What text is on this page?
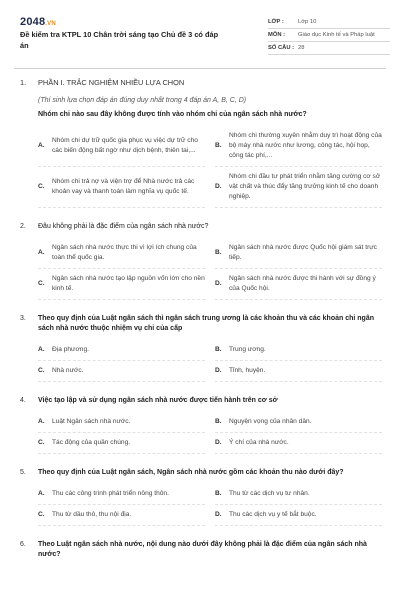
2048.VN
Đề kiểm tra KTPL 10 Chân trời sáng tạo Chủ đề 3 có đáp án
LỚP :	Lớp 10
MÔN :	Giáo dục Kinh tế và Pháp luật
SỐ CÂU : 28
1.	PHẦN I. TRẮC NGHIỆM NHIỀU LỰA CHỌN
(Thí sinh lựa chọn đáp án đúng duy nhất trong 4 đáp án A, B, C, D)
Nhóm chi nào sau đây không được tính vào nhóm chi của ngân sách nhà nước?
A.
Nhóm chi dự trữ quốc gia phục vụ việc dự trữ cho các biến động bất ngờ như dịch bệnh, thiên tai,...
B.
Nhóm chi thường xuyên nhằm duy trì hoạt động của bộ máy nhà nước như lương, công tác, hội họp, công tác phí,...
C.
Nhóm chi trả nợ và viện trợ để Nhà nước trả các khoản vay và thanh toán làm nghĩa vụ quốc tế.
D.
Nhóm chi đầu tư phát triển nhằm tăng cường cơ sở vật chất và thúc đẩy tăng trưởng kinh tế cho doanh nghiệp.
2.	Đâu không phải là đặc điểm của ngân sách nhà nước?
A.
Ngân sách nhà nước thực thi vì lợi ích chung của toàn thể quốc gia.
B.
Ngân sách nhà nước được Quốc hội giám sát trực tiếp.
C.
Ngân sách nhà nước tạo lập nguồn vốn lớn cho nền kinh tế.
D.
Ngân sách nhà nước được thi hành với sự đồng ý của Quốc hội.
3.	Theo quy định của Luật ngân sách thì ngân sách trung ương là các khoản thu và các khoản chi ngân sách nhà nước thuộc nhiệm vụ chi của cấp
A.	Địa phương.	B.	Trung ương.
C.	Nhà nước.	D.	Tỉnh, huyện.
4.	Việc tạo lập và sử dụng ngân sách nhà nước được tiến hành trên cơ sở
A.	Luật Ngân sách nhà nước.	B.	Nguyện vọng của nhân dân.
C.	Tác động của quần chúng.	D.	Ý chí của nhà nước.
5.	Theo quy định của Luật ngân sách, Ngân sách nhà nước gồm các khoản thu nào dưới đây?
A.	Thu các công trình phát triển nông thôn.	B.	Thu từ các dịch vụ tư nhân.
C.	Thu từ dầu thô, thu nội địa.	D.	Thu các dịch vụ y tế bắt buộc.
6.	Theo Luật ngân sách nhà nước, nội dung nào dưới đây không phải là đặc điểm của ngân sách nhà nước?
